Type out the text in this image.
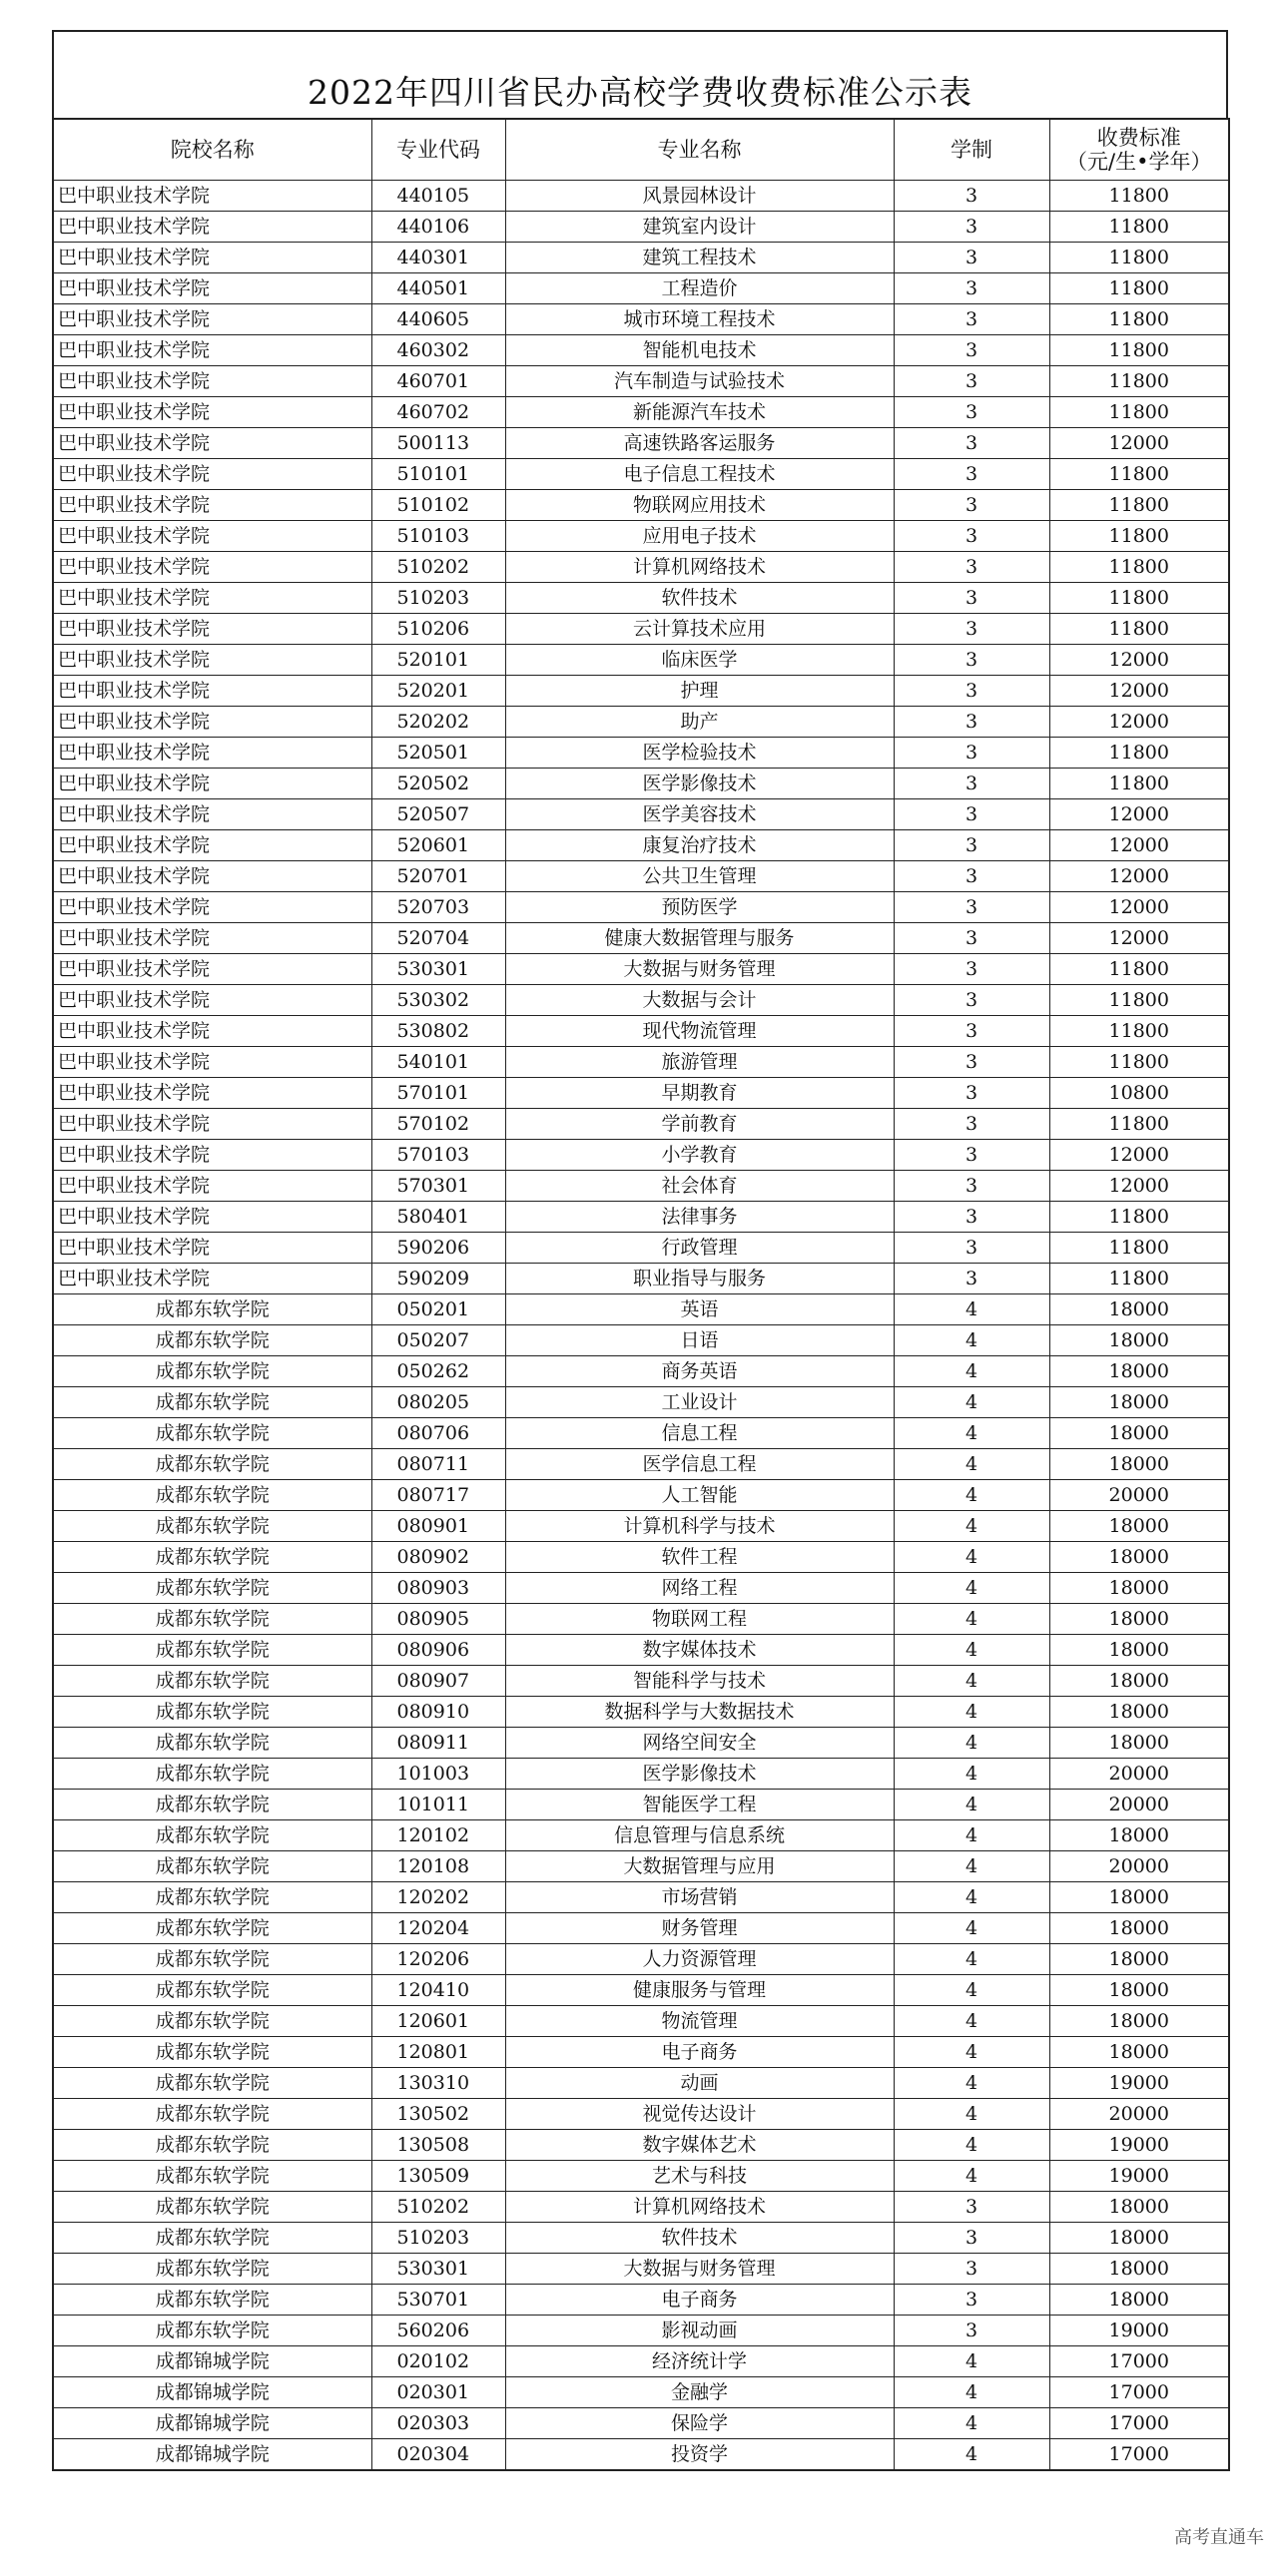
2022年四川省民办高校学费收费标准公示表
院校名称	专业代码	专业名称	学制	收费标准
（元/生•学年）

巴中职业技术学院	440105	风景园林设计	3	11800
巴中职业技术学院	440106	建筑室内设计	3	11800
巴中职业技术学院	440301	建筑工程技术	3	11800
巴中职业技术学院	440501	工程造价	3	11800
巴中职业技术学院	440605	城市环境工程技术	3	11800
巴中职业技术学院	460302	智能机电技术	3	11800
巴中职业技术学院	460701	汽车制造与试验技术	3	11800
巴中职业技术学院	460702	新能源汽车技术	3	11800
巴中职业技术学院	500113	高速铁路客运服务	3	12000
巴中职业技术学院	510101	电子信息工程技术	3	11800
巴中职业技术学院	510102	物联网应用技术	3	11800
巴中职业技术学院	510103	应用电子技术	3	11800
巴中职业技术学院	510202	计算机网络技术	3	11800
巴中职业技术学院	510203	软件技术	3	11800
巴中职业技术学院	510206	云计算技术应用	3	11800
巴中职业技术学院	520101	临床医学	3	12000
巴中职业技术学院	520201	护理	3	12000
巴中职业技术学院	520202	助产	3	12000
巴中职业技术学院	520501	医学检验技术	3	11800
巴中职业技术学院	520502	医学影像技术	3	11800
巴中职业技术学院	520507	医学美容技术	3	12000
巴中职业技术学院	520601	康复治疗技术	3	12000
巴中职业技术学院	520701	公共卫生管理	3	12000
巴中职业技术学院	520703	预防医学	3	12000
巴中职业技术学院	520704	健康大数据管理与服务	3	12000
巴中职业技术学院	530301	大数据与财务管理	3	11800
巴中职业技术学院	530302	大数据与会计	3	11800
巴中职业技术学院	530802	现代物流管理	3	11800
巴中职业技术学院	540101	旅游管理	3	11800
巴中职业技术学院	570101	早期教育	3	10800
巴中职业技术学院	570102	学前教育	3	11800
巴中职业技术学院	570103	小学教育	3	12000
巴中职业技术学院	570301	社会体育	3	12000
巴中职业技术学院	580401	法律事务	3	11800
巴中职业技术学院	590206	行政管理	3	11800
巴中职业技术学院	590209	职业指导与服务	3	11800
成都东软学院	050201	英语	4	18000
成都东软学院	050207	日语	4	18000
成都东软学院	050262	商务英语	4	18000
成都东软学院	080205	工业设计	4	18000
成都东软学院	080706	信息工程	4	18000
成都东软学院	080711	医学信息工程	4	18000
成都东软学院	080717	人工智能	4	20000
成都东软学院	080901	计算机科学与技术	4	18000
成都东软学院	080902	软件工程	4	18000
成都东软学院	080903	网络工程	4	18000
成都东软学院	080905	物联网工程	4	18000
成都东软学院	080906	数字媒体技术	4	18000
成都东软学院	080907	智能科学与技术	4	18000
成都东软学院	080910	数据科学与大数据技术	4	18000
成都东软学院	080911	网络空间安全	4	18000
成都东软学院	101003	医学影像技术	4	20000
成都东软学院	101011	智能医学工程	4	20000
成都东软学院	120102	信息管理与信息系统	4	18000
成都东软学院	120108	大数据管理与应用	4	20000
成都东软学院	120202	市场营销	4	18000
成都东软学院	120204	财务管理	4	18000
成都东软学院	120206	人力资源管理	4	18000
成都东软学院	120410	健康服务与管理	4	18000
成都东软学院	120601	物流管理	4	18000
成都东软学院	120801	电子商务	4	18000
成都东软学院	130310	动画	4	19000
成都东软学院	130502	视觉传达设计	4	20000
成都东软学院	130508	数字媒体艺术	4	19000
成都东软学院	130509	艺术与科技	4	19000
成都东软学院	510202	计算机网络技术	3	18000
成都东软学院	510203	软件技术	3	18000
成都东软学院	530301	大数据与财务管理	3	18000
成都东软学院	530701	电子商务	3	18000
成都东软学院	560206	影视动画	3	19000
成都锦城学院	020102	经济统计学	4	17000
成都锦城学院	020301	金融学	4	17000
成都锦城学院	020303	保险学	4	17000
成都锦城学院	020304	投资学	4	17000
高考直通车
